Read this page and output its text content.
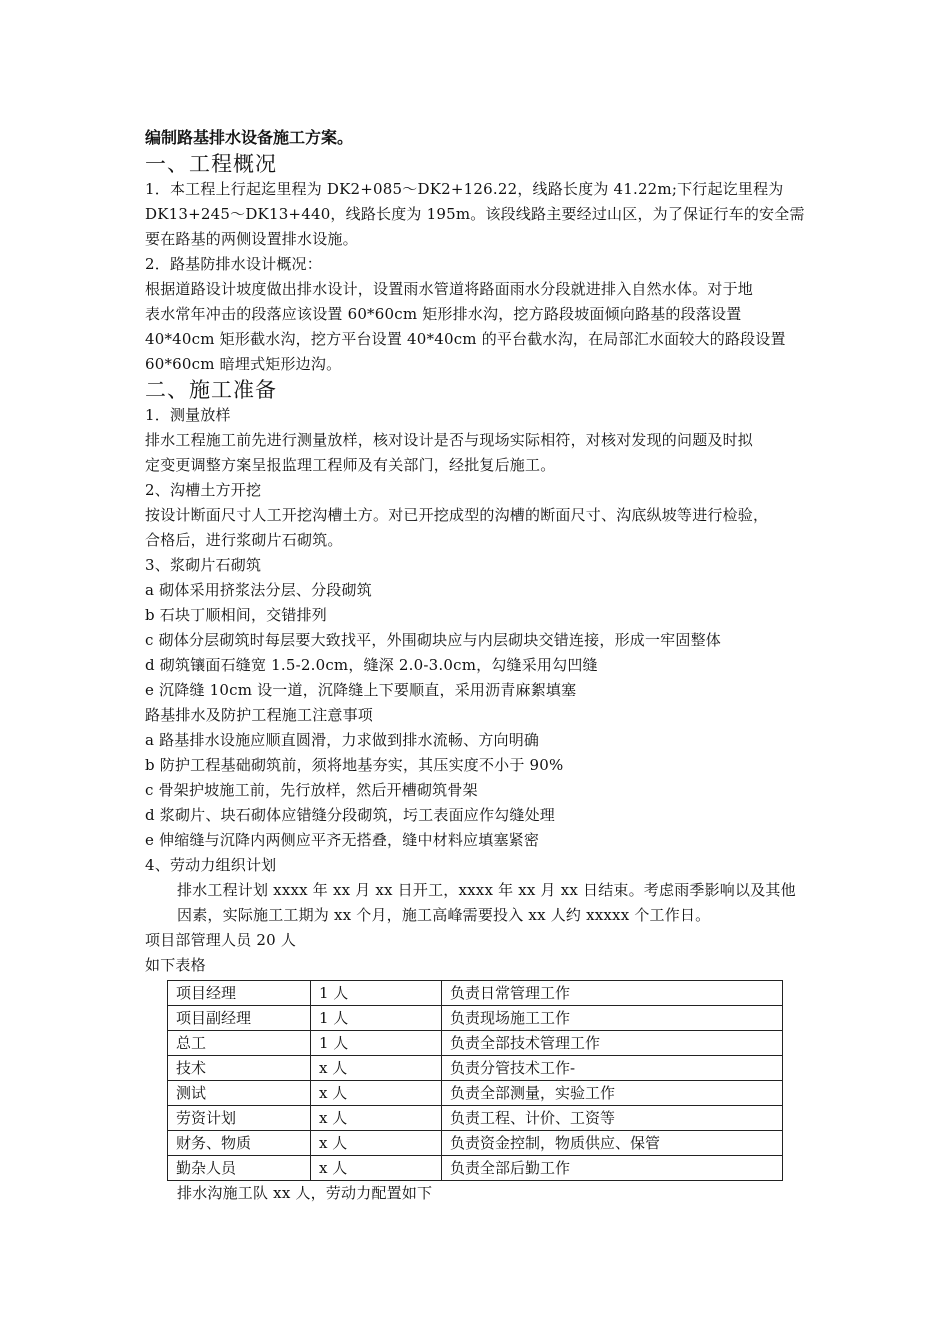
编制路基排水设备施工方案。
一、工程概况
1．本工程上行起迄里程为 DK2+085～DK2+126.22，线路长度为 41.22m;下行起讫里程为
DK13+245～DK13+440，线路长度为 195m。该段线路主要经过山区，为了保证行车的安全需
要在路基的两侧设置排水设施。
2．路基防排水设计概况：
根据道路设计坡度做出排水设计，设置雨水管道将路面雨水分段就进排入自然水体。对于地
表水常年冲击的段落应该设置 60*60cm 矩形排水沟，挖方路段坡面倾向路基的段落设置
40*40cm 矩形截水沟，挖方平台设置 40*40cm 的平台截水沟，在局部汇水面较大的路段设置
60*60cm 暗埋式矩形边沟。
二、施工准备
1．测量放样
排水工程施工前先进行测量放样，核对设计是否与现场实际相符，对核对发现的问题及时拟
定变更调整方案呈报监理工程师及有关部门，经批复后施工。
2、沟槽土方开挖
按设计断面尺寸人工开挖沟槽土方。对已开挖成型的沟槽的断面尺寸、沟底纵坡等进行检验，
合格后，进行浆砌片石砌筑。
3、浆砌片石砌筑
a 砌体采用挤浆法分层、分段砌筑
b 石块丁顺相间，交错排列
c 砌体分层砌筑时每层要大致找平，外围砌块应与内层砌块交错连接，形成一牢固整体
d 砌筑镶面石缝宽 1.5-2.0cm，缝深 2.0-3.0cm，勾缝采用勾凹缝
e 沉降缝 10cm 设一道，沉降缝上下要顺直，采用沥青麻絮填塞
路基排水及防护工程施工注意事项
a 路基排水设施应顺直圆滑，力求做到排水流畅、方向明确
b 防护工程基础砌筑前，须将地基夯实，其压实度不小于 90%
c 骨架护坡施工前，先行放样，然后开槽砌筑骨架
d 浆砌片、块石砌体应错缝分段砌筑，圬工表面应作勾缝处理
e 伸缩缝与沉降内两侧应平齐无搭叠，缝中材料应填塞紧密
4、劳动力组织计划
排水工程计划 xxxx 年 xx 月 xx 日开工，xxxx 年 xx 月 xx 日结束。考虑雨季影响以及其他
因素，实际施工工期为 xx 个月，施工高峰需要投入 xx 人约 xxxxx 个工作日。
项目部管理人员 20 人
如下表格
项目经理	1 人	负责日常管理工作
项目副经理	1 人	负责现场施工工作
总工	1 人	负责全部技术管理工作
技术	x 人	负责分管技术工作-
测试	x 人	负责全部测量，实验工作
劳资计划	x 人	负责工程、计价、工资等
财务、物质	x 人	负责资金控制，物质供应、保管
勤杂人员	x 人	负责全部后勤工作
排水沟施工队 xx 人，劳动力配置如下
